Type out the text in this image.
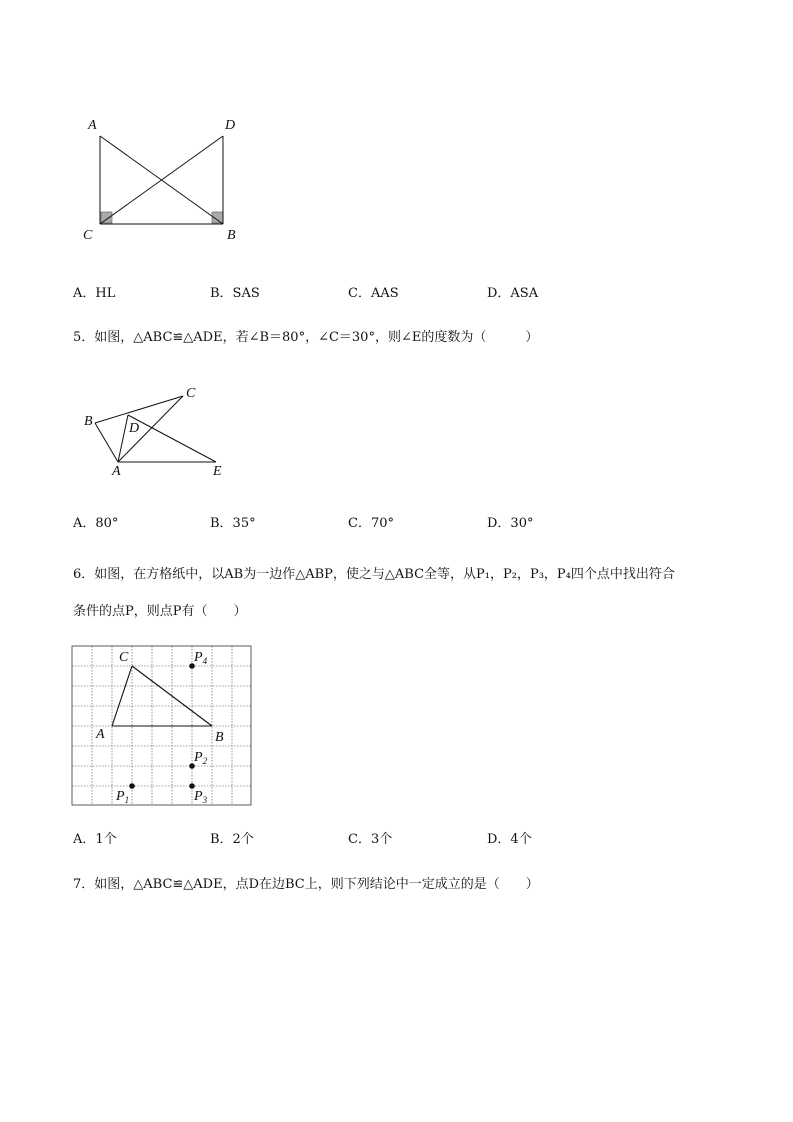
A	D
C	B
A．HL	B．SAS	C．AAS	D．ASA
5．如图，△ABC≌△ADE，若∠B＝80°，∠C＝30°，则∠E的度数为（　　　）
B
C
D
A	E
A．80°	B．35°	C．70°	D．30°
6．如图，在方格纸中，以AB为一边作△ABP，使之与△ABC全等，从P₁，P₂，P₃，P₄四个点中找出符合
条件的点P，则点P有（　　）
C
A	B
$P_4$
$P_2$
$P_3$
$P_1$
A．1个	B．2个	C．3个	D．4个
7．如图，△ABC≌△ADE，点D在边BC上，则下列结论中一定成立的是（　　）
